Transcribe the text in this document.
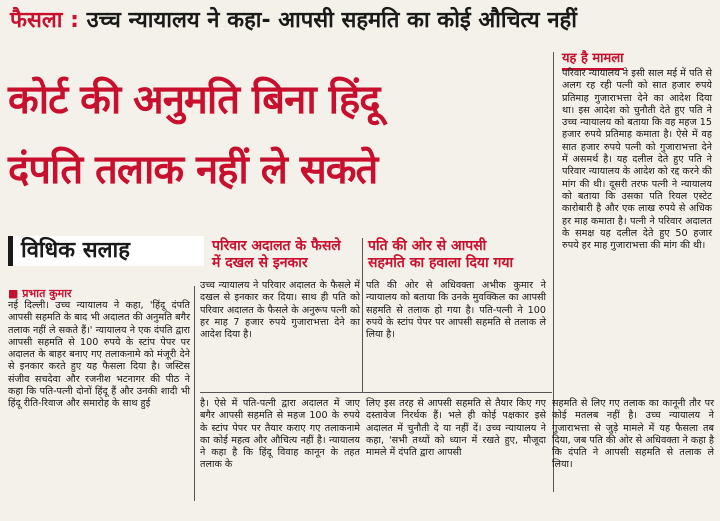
फैसला : उच्च न्यायालय ने कहा- आपसी सहमति का कोई औचित्य नहीं
कोर्ट की अनुमति बिना हिंदू
दंपति तलाक नहीं ले सकते
यह है मामला
परिवार न्यायालय ने इसी साल मई में पति से अलग रह रही पत्नी को सात हजार रुपये प्रतिमाह गुजाराभत्ता देने का आदेश दिया था। इस आदेश को चुनौती देते हुए पति ने उच्च न्यायालय को बताया कि वह महज 15 हजार रुपये प्रतिमाह कमाता है। ऐसे में वह सात हजार रुपये पत्नी को गुजाराभत्ता देने में असमर्थ है। यह दलील देते हुए पति ने परिवार न्यायालय के आदेश को रद्द करने की मांग की थी। दूसरी तरफ पत्नी ने न्यायालय को बताया कि उसका पति रियल एस्टेट कारोबारी है और एक लाख रुपये से अधिक हर माह कमाता है। पत्नी ने परिवार अदालत के समक्ष यह दलील देते हुए 50 हजार रुपये हर माह गुजाराभत्ता की मांग की थी।
विधिक सलाह	परिवार अदालत के फैसले
में दखल से इनकार
पति की ओर से आपसी
सहमति का हवाला दिया गया
■ प्रभात कुमार
नई दिल्ली। उच्च न्यायालय ने कहा, 'हिंदू दंपति आपसी सहमति के बाद भी अदालत की अनुमति बगैर तलाक नहीं ले सकते हैं।' न्यायालय ने एक दंपति द्वारा आपसी सहमति से 100 रुपये के स्टांप पेपर पर अदालत के बाहर बनाए गए तलाकनामे को मंजूरी देने से इनकार करते हुए यह फैसला दिया है। जस्टिस संजीव सचदेवा और रजनीश भटनागर की पीठ ने कहा कि पति-पत्नी दोनों हिंदू हैं और उनकी शादी भी हिंदू रीति-रिवाज और समारोह के साथ हुई
उच्च न्यायालय ने परिवार अदालत के फैसले में दखल से इनकार कर दिया। साथ ही पति को परिवार अदालत के फैसले के अनुरूप पत्नी को हर माह 7 हजार रुपये गुजाराभत्ता देने का आदेश दिया है।
पति की ओर से अधिवक्ता अभीक कुमार ने न्यायालय को बताया कि उनके मुवक्किल का आपसी सहमति से तलाक हो गया है। पति-पत्नी ने 100 रुपये के स्टांप पेपर पर आपसी सहमति से तलाक ले लिया है।
है। ऐसे में पति-पत्नी द्वारा अदालत में जाए बगैर आपसी सहमति से महज 100 के रुपये के स्टांप पेपर पर तैयार कराए गए तलाकनामे का कोई महत्व और औचित्य नहीं है। न्यायालय ने कहा है कि हिंदू विवाह कानून के तहत तलाक के
लिए इस तरह से आपसी सहमति से तैयार किए गए दस्तावेज निरर्थक हैं। भले ही कोई पक्षकार इसे अदालत में चुनौती दे या नहीं दें। उच्च न्यायालय ने कहा, 'सभी तथ्यों को ध्यान में रखते हुए, मौजूदा मामले में दंपति द्वारा आपसी
सहमति से लिए गए तलाक का कानूनी तौर पर कोई मतलब नहीं है। उच्च न्यायालय ने गुजाराभत्ता से जुड़े मामले में यह फैसला तब दिया, जब पति की ओर से अधिवक्ता ने कहा है कि दंपति ने आपसी सहमति से तलाक ले लिया।
